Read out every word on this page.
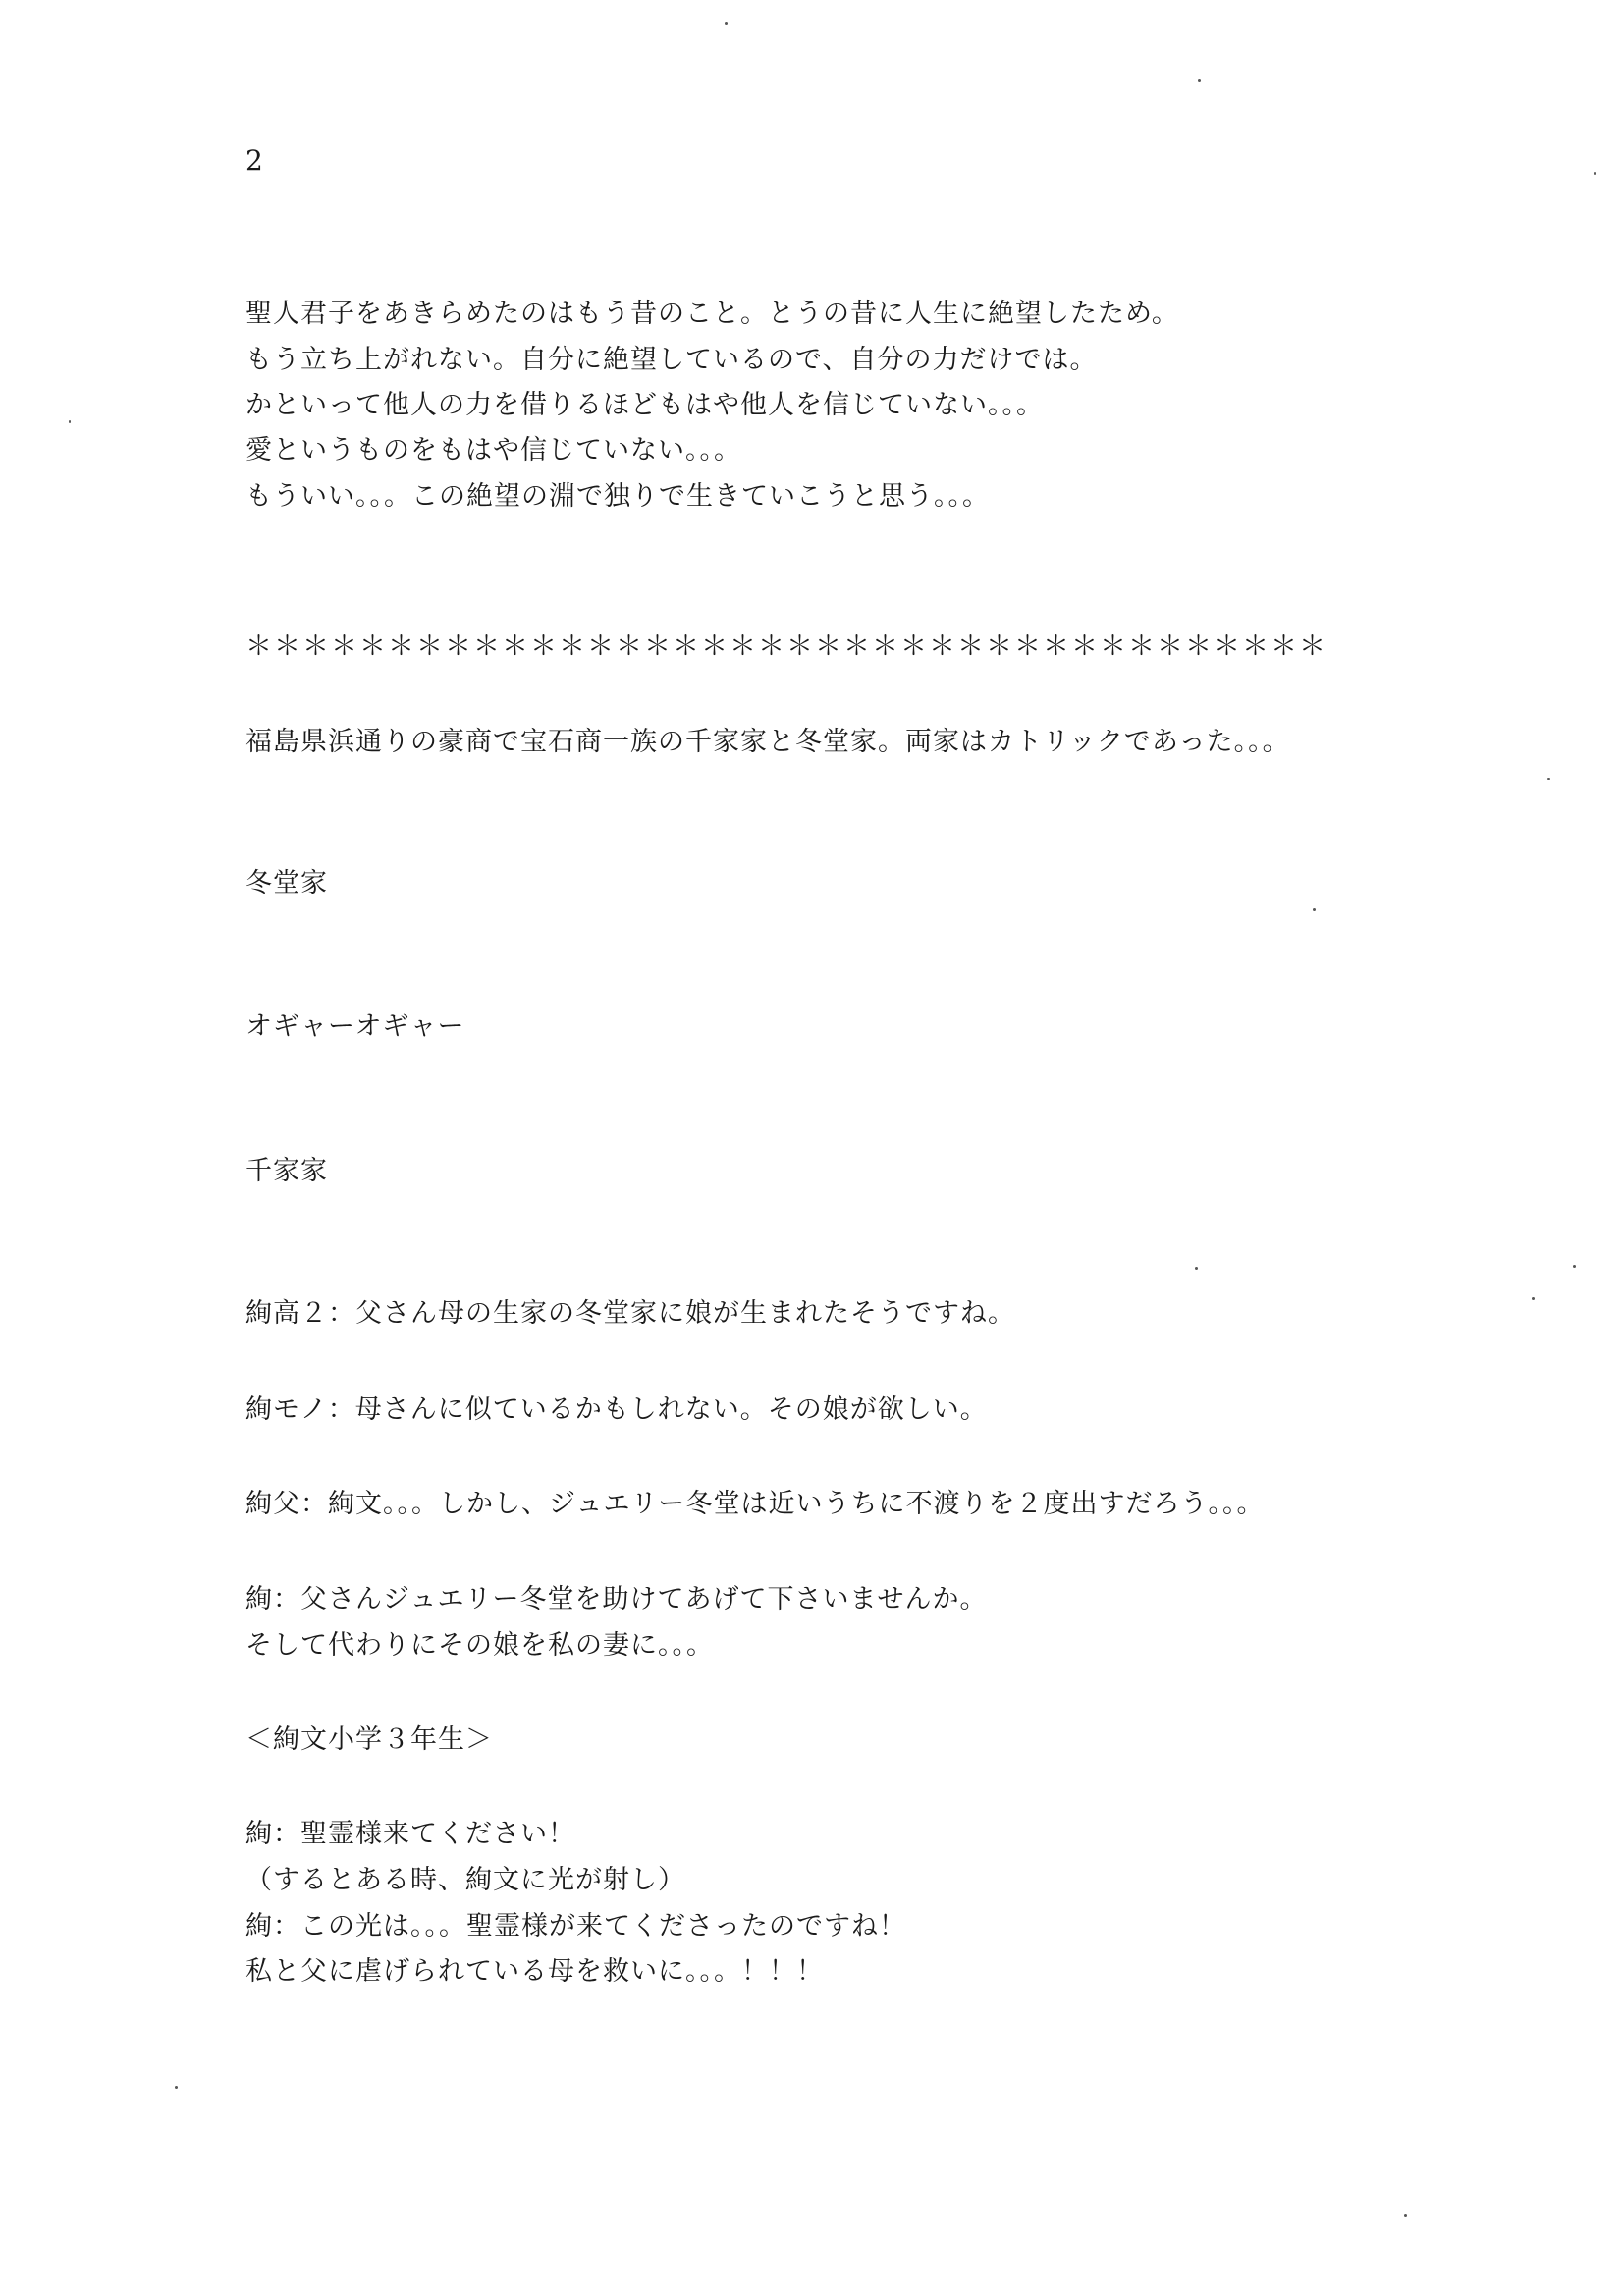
2
聖人君子をあきらめたのはもう昔のこと。とうの昔に人生に絶望したため。
もう立ち上がれない。自分に絶望しているので、自分の力だけでは。
かといって他人の力を借りるほどもはや他人を信じていない。。。
愛というものをもはや信じていない。。。
もういい。。。この絶望の淵で独りで生きていこうと思う。。。
＊＊＊＊＊＊＊＊＊＊＊＊＊＊＊＊＊＊＊＊＊＊＊＊＊＊＊＊＊＊＊＊＊＊＊＊＊＊
福島県浜通りの豪商で宝石商一族の千家家と冬堂家。両家はカトリックであった。。。
冬堂家
オギャーオギャー
千家家
絢高２：父さん母の生家の冬堂家に娘が生まれたそうですね。
絢モノ：母さんに似ているかもしれない。その娘が欲しい。
絢父：絢文。。。しかし、ジュエリー冬堂は近いうちに不渡りを２度出すだろう。。。
絢：父さんジュエリー冬堂を助けてあげて下さいませんか。
そして代わりにその娘を私の妻に。。。
＜絢文小学３年生＞
絢：聖霊様来てください！
（するとある時、絢文に光が射し）
絢：この光は。。。聖霊様が来てくださったのですね！
私と父に虐げられている母を救いに。。。！！！
